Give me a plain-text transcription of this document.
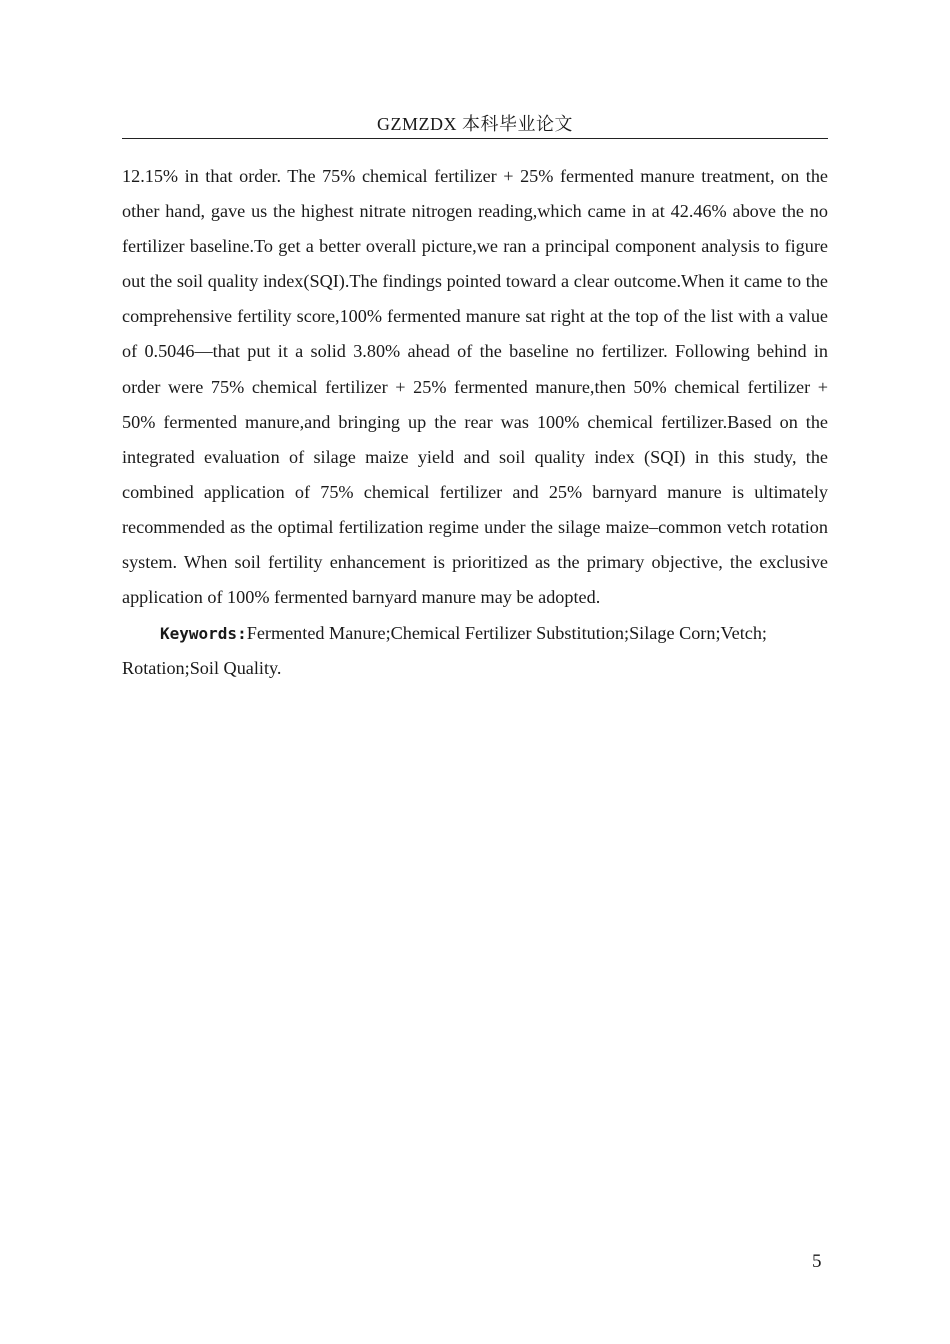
GZMZDX 本科毕业论文

12.15% in that order. The 75% chemical fertilizer + 25% fermented manure treatment, on the other hand, gave us the highest nitrate nitrogen reading,which came in at 42.46% above the no fertilizer baseline.To get a better overall picture,we ran a principal component analysis to figure out the soil quality index(SQI).The findings pointed toward a clear outcome.When it came to the comprehensive fertility score,100% fermented manure sat right at the top of the list with a value of 0.5046—that put it a solid 3.80% ahead of the baseline no fertilizer. Following behind in order were 75% chemical fertilizer + 25% fermented manure,then 50% chemical fertilizer + 50% fermented manure,and bringing up the rear was 100% chemical fertilizer.Based on the integrated evaluation of silage maize yield and soil quality index (SQI) in this study, the combined application of 75% chemical fertilizer and 25% barnyard manure is ultimately recommended as the optimal fertilization regime under the silage maize–common vetch rotation system. When soil fertility enhancement is prioritized as the primary objective, the exclusive application of 100% fermented barnyard manure may be adopted.

Keywords:Fermented Manure;Chemical Fertilizer Substitution;Silage Corn;Vetch; Rotation;Soil Quality.

5
